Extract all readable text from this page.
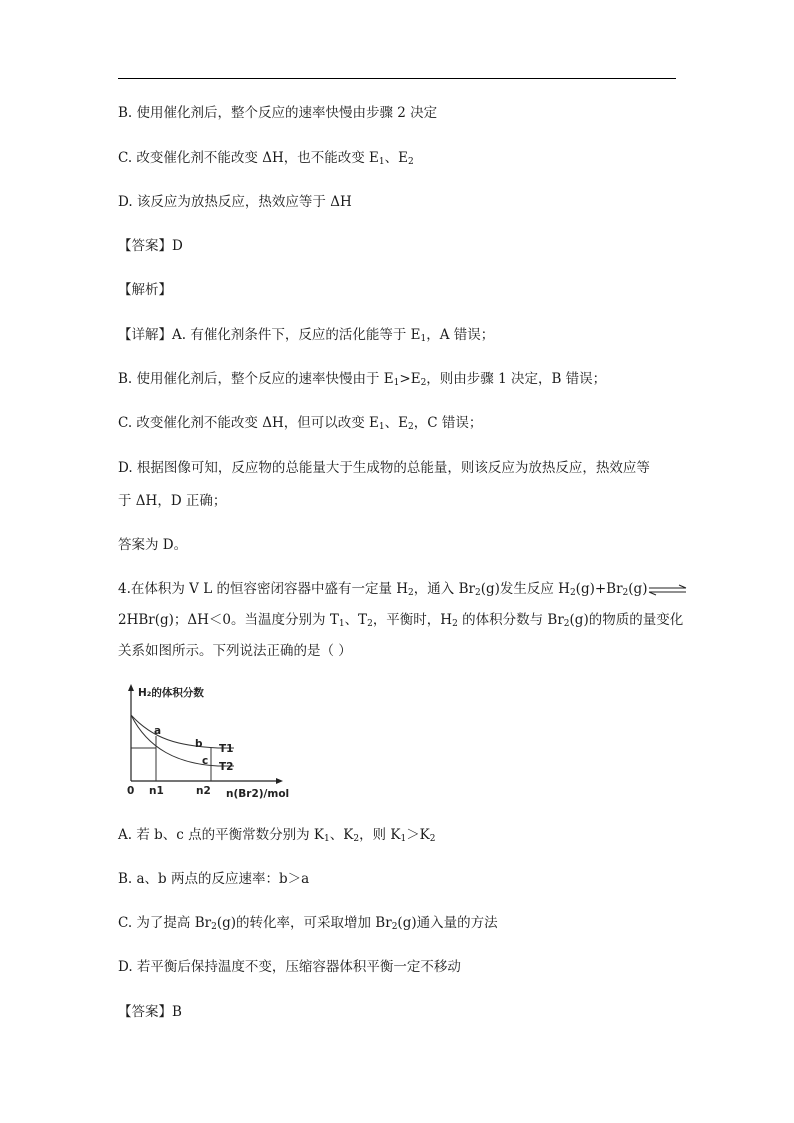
B. 使用催化剂后，整个反应的速率快慢由步骤 2 决定
C. 改变催化剂不能改变 ΔH，也不能改变 $E_1$、$E_2$
D. 该反应为放热反应，热效应等于 ΔH
【答案】D
【解析】
【详解】A. 有催化剂条件下，反应的活化能等于 $E_1$，A 错误；
B. 使用催化剂后，整个反应的速率快慢由于 $E_1>E_2$，则由步骤 1 决定，B 错误；
C. 改变催化剂不能改变 ΔH，但可以改变 $E_1$、$E_2$，C 错误；
D. 根据图像可知，反应物的总能量大于生成物的总能量，则该反应为放热反应，热效应等
于 ΔH，D 正确；
答案为 D。
4.在体积为 V L 的恒容密闭容器中盛有一定量 $H_2$，通入 $Br_2(g)$发生反应 $H_2(g)+Br_2(g)\rightleftharpoons$
2HBr(g)；ΔH＜0。当温度分别为 $T_1$、$T_2$，平衡时，$H_2$ 的体积分数与 $Br_2(g)$的物质的量变化
关系如图所示。下列说法正确的是（ ）
H₂的体积分数
n(Br2)/mol
0 n1	n2
T1
T2
a
b
c
A. 若 b、c 点的平衡常数分别为 $K_1$、$K_2$，则 $K_1>K_2$
B. a、b 两点的反应速率：b＞a
C. 为了提高 $Br_2(g)$的转化率，可采取增加 $Br_2(g)$通入量的方法
D. 若平衡后保持温度不变，压缩容器体积平衡一定不移动
【答案】B
